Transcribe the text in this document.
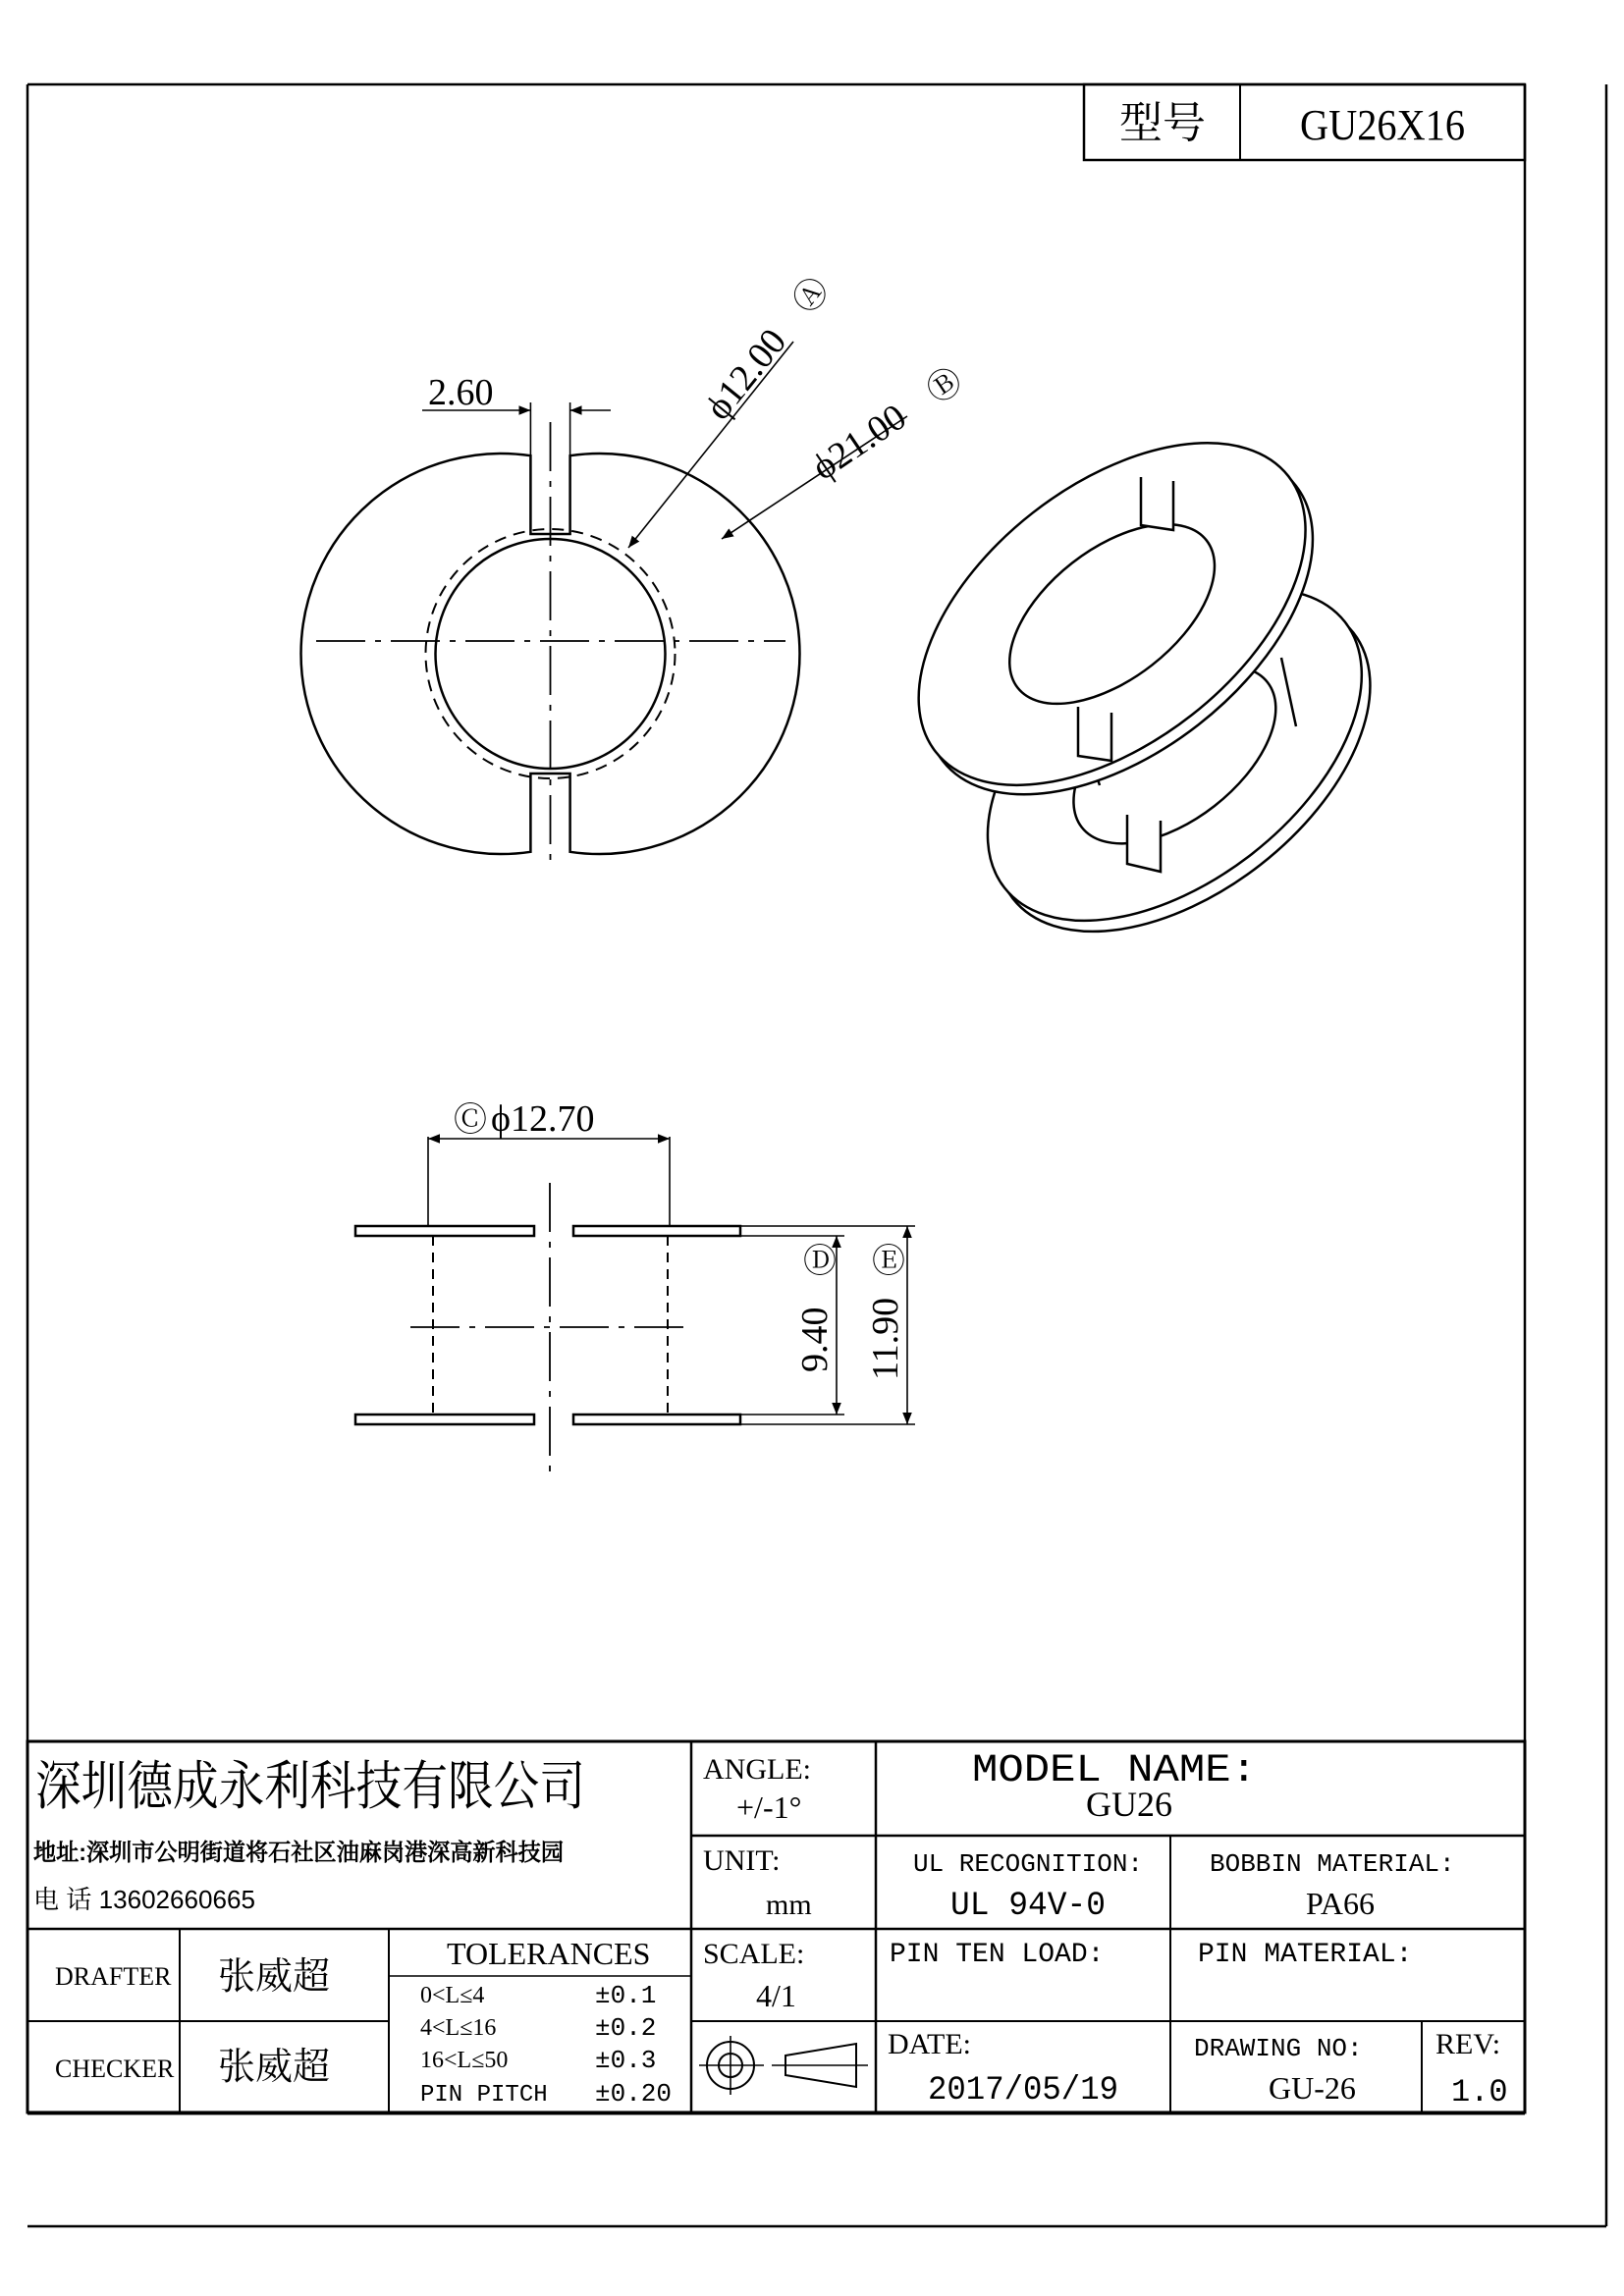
型号 GU26X16
2.60	ϕ12.00
Ⓐ
ϕ21.00
Ⓑ
Ⓒ ϕ12.70
Ⓓ
9.40
Ⓔ
11.90
深圳德成永利科技有限公司
地址:深圳市公明街道将石社区油麻岗港深高新科技园
电 话 13602660665
ANGLE:
+/-1°
MODEL NAME:
GU26
UNIT:
mm
UL RECOGNITION:
UL 94V-0
BOBBIN MATERIAL:
PA66
DRAFTER 张威超
CHECKER 张威超
TOLERANCES
0<L≤4	±0.1
4<L≤16	±0.2
16<L≤50	±0.3
PIN PITCH ±0.20
SCALE:
4/1
PIN TEN LOAD:	PIN MATERIAL:
DATE:
2017/05/19
DRAWING NO:
GU-26
REV:
1.0
